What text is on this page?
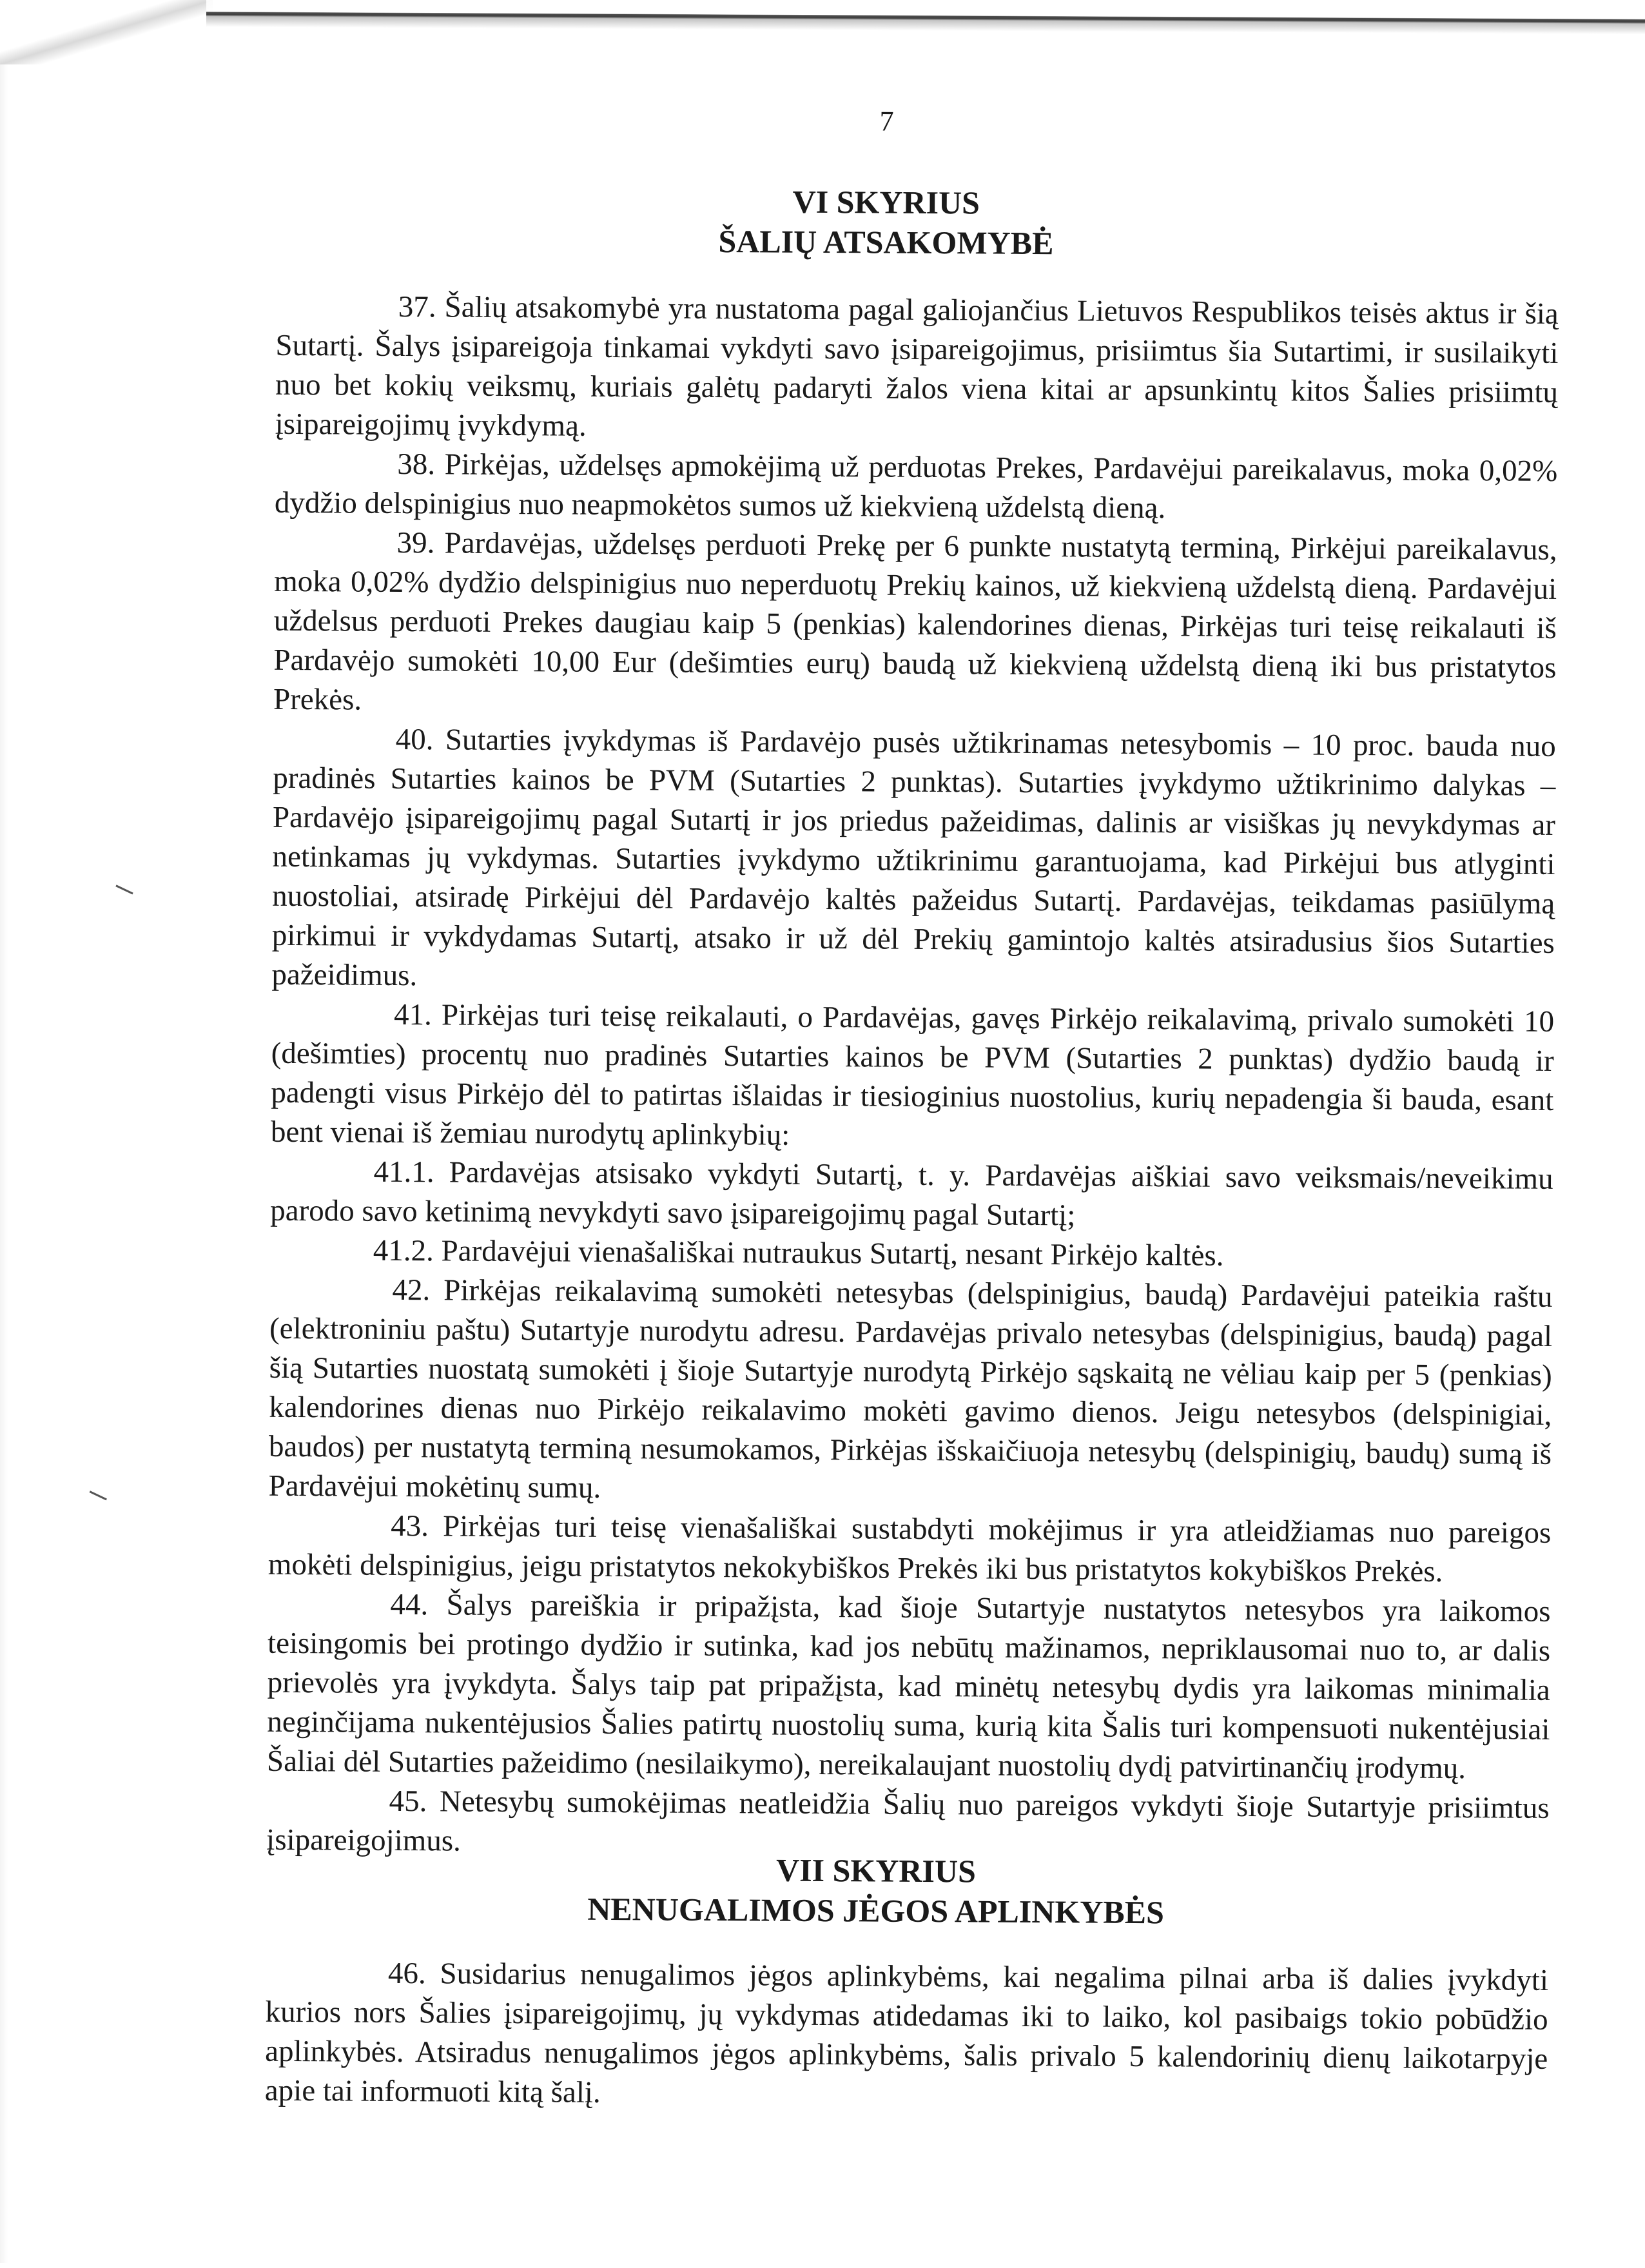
7
VI SKYRIUS
ŠALIŲ ATSAKOMYBĖ

37. Šalių atsakomybė yra nustatoma pagal galiojančius Lietuvos Respublikos teisės aktus ir šią Sutartį. Šalys įsipareigoja tinkamai vykdyti savo įsipareigojimus, prisiimtus šia Sutartimi, ir susilaikyti nuo bet kokių veiksmų, kuriais galėtų padaryti žalos viena kitai ar apsunkintų kitos Šalies prisiimtų įsipareigojimų įvykdymą.

38. Pirkėjas, uždelsęs apmokėjimą už perduotas Prekes, Pardavėjui pareikalavus, moka 0,02% dydžio delspinigius nuo neapmokėtos sumos už kiekvieną uždelstą dieną.

39. Pardavėjas, uždelsęs perduoti Prekę per 6 punkte nustatytą terminą, Pirkėjui pareikalavus, moka 0,02% dydžio delspinigius nuo neperduotų Prekių kainos, už kiekvieną uždelstą dieną. Pardavėjui uždelsus perduoti Prekes daugiau kaip 5 (penkias) kalendorines dienas, Pirkėjas turi teisę reikalauti iš Pardavėjo sumokėti 10,00 Eur (dešimties eurų) baudą už kiekvieną uždelstą dieną iki bus pristatytos Prekės.

40. Sutarties įvykdymas iš Pardavėjo pusės užtikrinamas netesybomis – 10 proc. bauda nuo pradinės Sutarties kainos be PVM (Sutarties 2 punktas). Sutarties įvykdymo užtikrinimo dalykas – Pardavėjo įsipareigojimų pagal Sutartį ir jos priedus pažeidimas, dalinis ar visiškas jų nevykdymas ar netinkamas jų vykdymas. Sutarties įvykdymo užtikrinimu garantuojama, kad Pirkėjui bus atlyginti nuostoliai, atsiradę Pirkėjui dėl Pardavėjo kaltės pažeidus Sutartį. Pardavėjas, teikdamas pasiūlymą pirkimui ir vykdydamas Sutartį, atsako ir už dėl Prekių gamintojo kaltės atsiradusius šios Sutarties pažeidimus.

41. Pirkėjas turi teisę reikalauti, o Pardavėjas, gavęs Pirkėjo reikalavimą, privalo sumokėti 10 (dešimties) procentų nuo pradinės Sutarties kainos be PVM (Sutarties 2 punktas) dydžio baudą ir padengti visus Pirkėjo dėl to patirtas išlaidas ir tiesioginius nuostolius, kurių nepadengia ši bauda, esant bent vienai iš žemiau nurodytų aplinkybių:

41.1. Pardavėjas atsisako vykdyti Sutartį, t. y. Pardavėjas aiškiai savo veiksmais/neveikimu parodo savo ketinimą nevykdyti savo įsipareigojimų pagal Sutartį;

41.2. Pardavėjui vienašališkai nutraukus Sutartį, nesant Pirkėjo kaltės.

42. Pirkėjas reikalavimą sumokėti netesybas (delspinigius, baudą) Pardavėjui pateikia raštu (elektroniniu paštu) Sutartyje nurodytu adresu. Pardavėjas privalo netesybas (delspinigius, baudą) pagal šią Sutarties nuostatą sumokėti į šioje Sutartyje nurodytą Pirkėjo sąskaitą ne vėliau kaip per 5 (penkias) kalendorines dienas nuo Pirkėjo reikalavimo mokėti gavimo dienos. Jeigu netesybos (delspinigiai, baudos) per nustatytą terminą nesumokamos, Pirkėjas išskaičiuoja netesybų (delspinigių, baudų) sumą iš Pardavėjui mokėtinų sumų.

43. Pirkėjas turi teisę vienašališkai sustabdyti mokėjimus ir yra atleidžiamas nuo pareigos mokėti delspinigius, jeigu pristatytos nekokybiškos Prekės iki bus pristatytos kokybiškos Prekės.

44. Šalys pareiškia ir pripažįsta, kad šioje Sutartyje nustatytos netesybos yra laikomos teisingomis bei protingo dydžio ir sutinka, kad jos nebūtų mažinamos, nepriklausomai nuo to, ar dalis prievolės yra įvykdyta. Šalys taip pat pripažįsta, kad minėtų netesybų dydis yra laikomas minimalia neginčijama nukentėjusios Šalies patirtų nuostolių suma, kurią kita Šalis turi kompensuoti nukentėjusiai Šaliai dėl Sutarties pažeidimo (nesilaikymo), nereikalaujant nuostolių dydį patvirtinančių įrodymų.

45. Netesybų sumokėjimas neatleidžia Šalių nuo pareigos vykdyti šioje Sutartyje prisiimtus įsipareigojimus.

VII SKYRIUS
NENUGALIMOS JĖGOS APLINKYBĖS

46. Susidarius nenugalimos jėgos aplinkybėms, kai negalima pilnai arba iš dalies įvykdyti kurios nors Šalies įsipareigojimų, jų vykdymas atidedamas iki to laiko, kol pasibaigs tokio pobūdžio aplinkybės. Atsiradus nenugalimos jėgos aplinkybėms, šalis privalo 5 kalendorinių dienų laikotarpyje apie tai informuoti kitą šalį.

⸜
⸜
